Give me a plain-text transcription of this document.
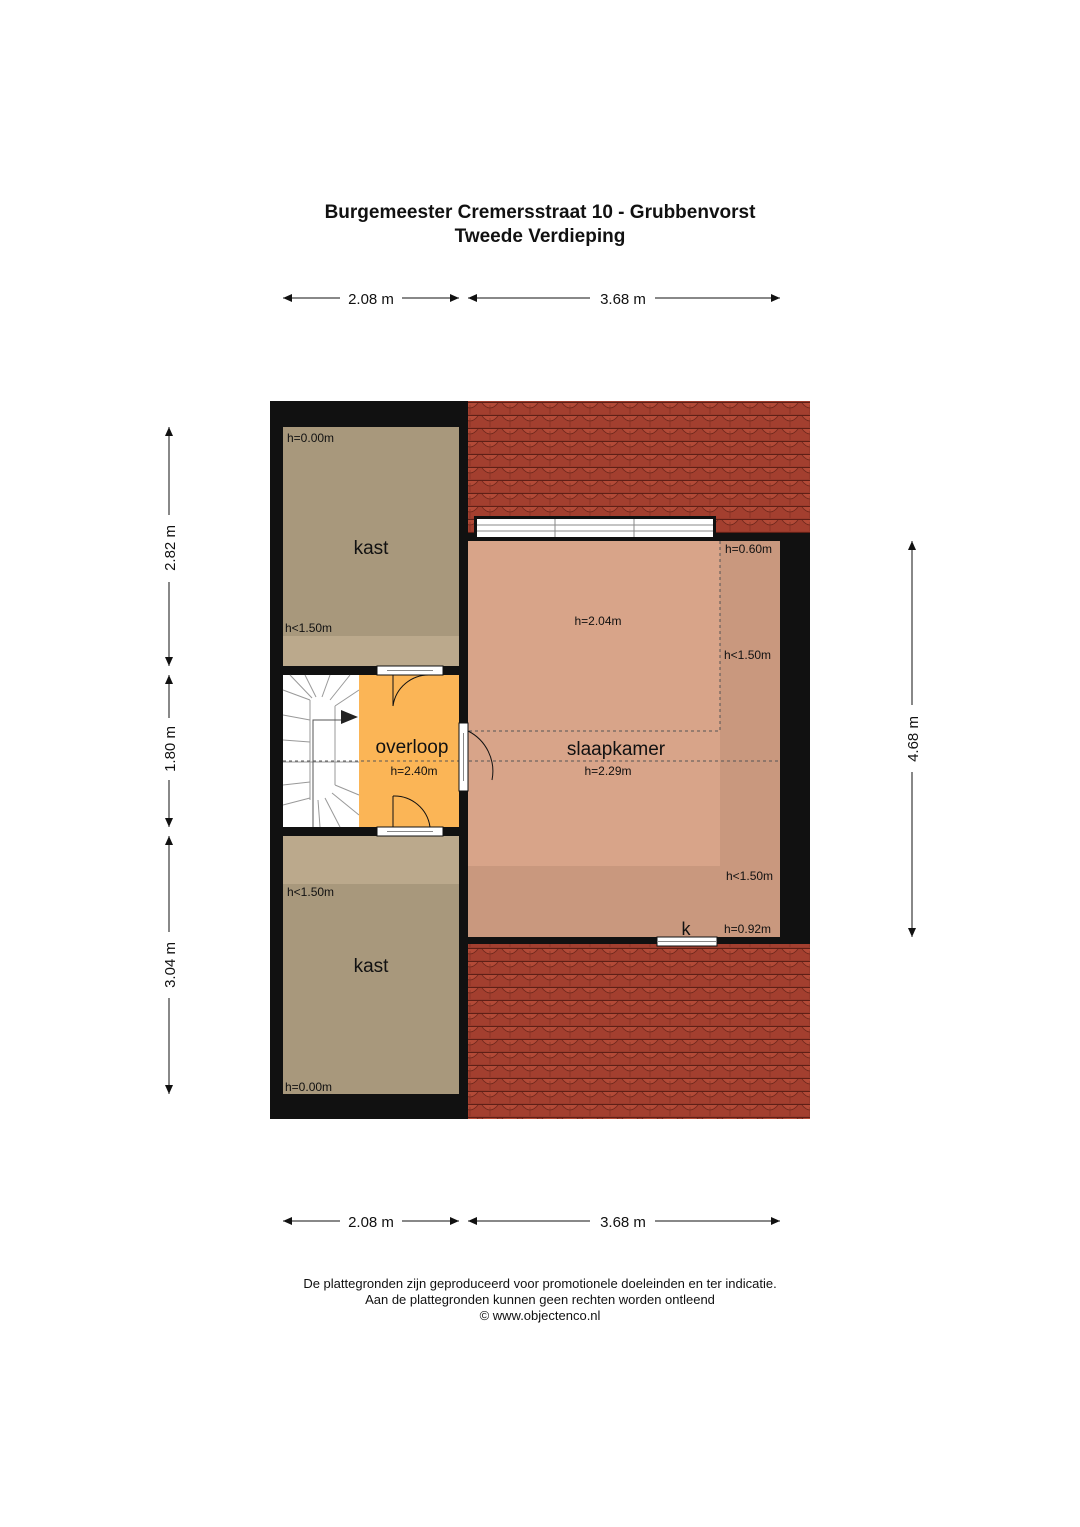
Burgemeester Cremersstraat 10 - Grubbenvorst
Tweede Verdieping
kast
h=0.00m
h<1.50m
overloop
h=2.40m
slaapkamer
h=2.29m
h=2.04m
h=0.60m
h<1.50m
h<1.50m
h=0.92m
k
kast
h<1.50m
h=0.00m
2.08 m	3.68 m
2.08 m	3.68 m
2.82 m
1.80 m
3.04 m
4.68 m
De plattegronden zijn geproduceerd voor promotionele doeleinden en ter indicatie.
Aan de plattegronden kunnen geen rechten worden ontleend
© www.objectenco.nl
